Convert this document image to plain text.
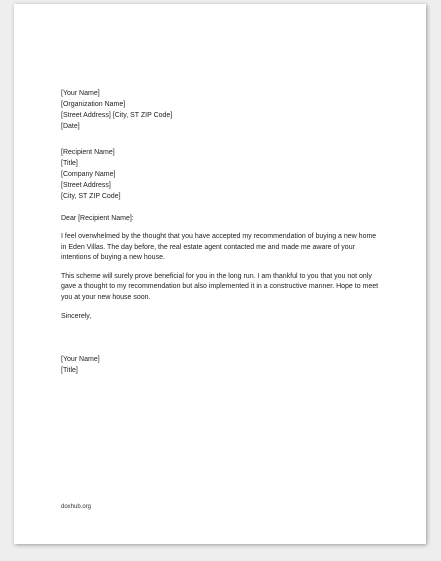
[Your Name]
[Organization Name]
[Street Address] [City, ST ZIP Code]
[Date]
[Recipient Name]
[Title]
[Company Name]
[Street Address]
[City, ST ZIP Code]
Dear [Recipient Name]:

I feel overwhelmed by the thought that you have accepted my recommendation of buying a new home in Eden Villas. The day before, the real estate agent contacted me and made me aware of your intentions of buying a new house.

This scheme will surely prove beneficial for you in the long run. I am thankful to you that you not only gave a thought to my recommendation but also implemented it in a constructive manner. Hope to meet you at your new house soon.

Sincerely,
[Your Name]
[Title]
doxhub.org
